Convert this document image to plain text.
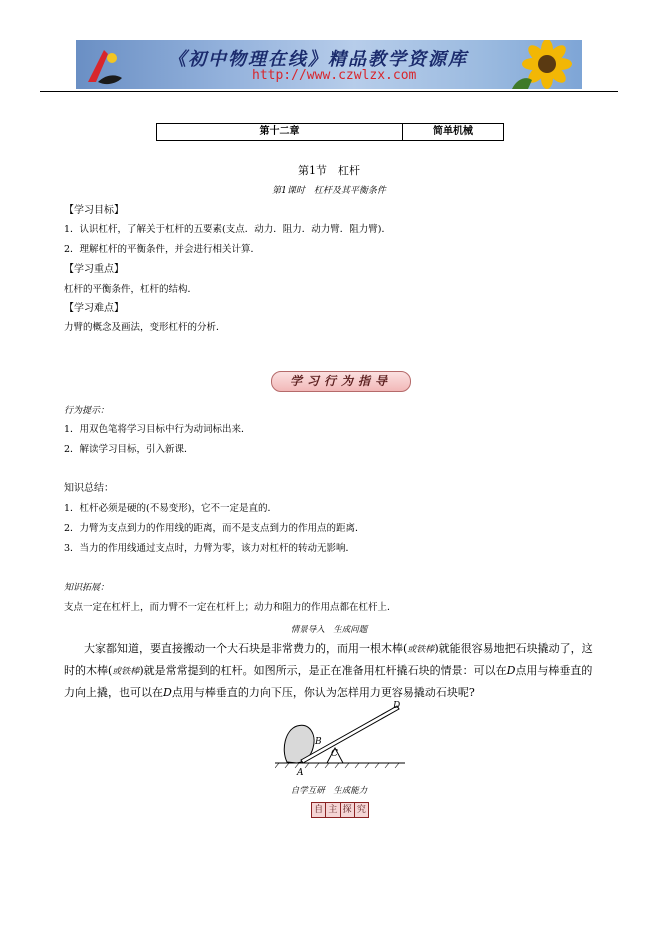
《初中物理在线》精品教学资源库
http://www.czwlzx.com
第十二章	简单机械
第1节　杠杆
第1课时　杠杆及其平衡条件
【学习目标】
1．认识杠杆，了解关于杠杆的五要素(支点．动力．阻力．动力臂．阻力臂)．
2．理解杠杆的平衡条件，并会进行相关计算．
【学习重点】
杠杆的平衡条件，杠杆的结构．
【学习难点】
力臂的概念及画法，变形杠杆的分析．
学习行为指导
行为提示：
1．用双色笔将学习目标中行为动词标出来．
2．解读学习目标，引入新课．
知识总结：
1．杠杆必须是硬的(不易变形)，它不一定是直的．
2．力臂为支点到力的作用线的距离，而不是支点到力的作用点的距离．
3．当力的作用线通过支点时，力臂为零，该力对杠杆的转动无影响．
知识拓展：
支点一定在杠杆上，而力臂不一定在杠杆上；动力和阻力的作用点都在杠杆上．
情景导入　生成问题
大家都知道，要直接搬动一个大石块是非常费力的，而用一根木棒(或铁棒)就能很容易地把石块撬动了，这
时的木棒(或铁棒)就是常常提到的杠杆。如图所示，是正在准备用杠杆撬石块的情景：可以在D点用与棒垂直的
力向上撬，也可以在D点用与棒垂直的力向下压，你认为怎样用力更容易撬动石块呢?
A
B
C
D
自学互研　生成能力
自 主 探 究
